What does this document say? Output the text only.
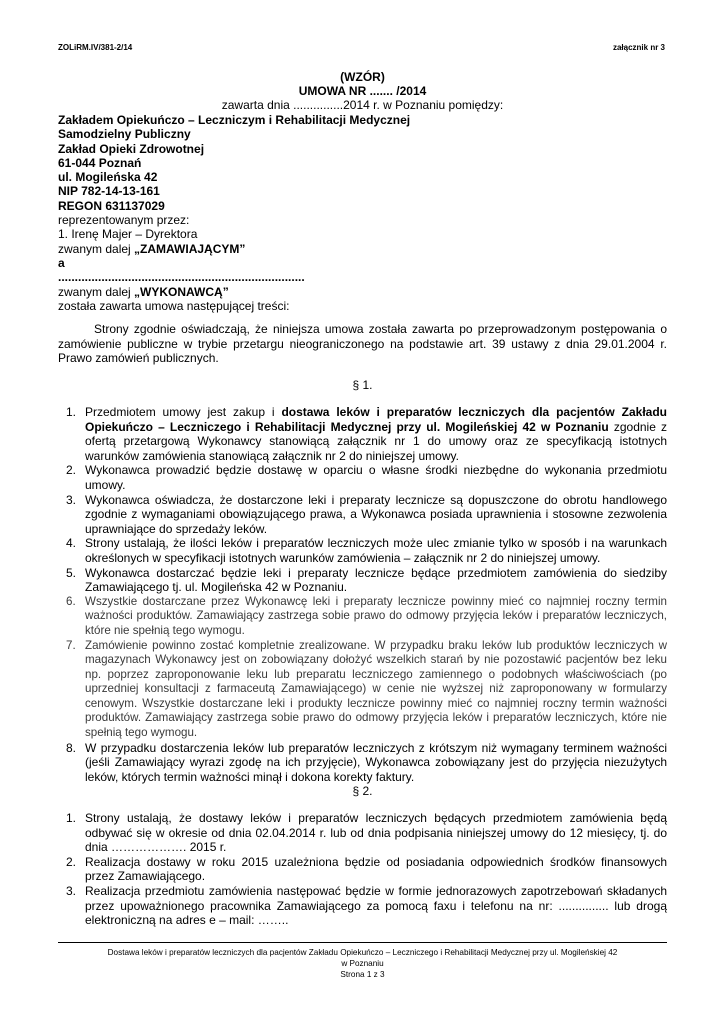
ZOLiRM.IV/381-2/14	załącznik nr 3
(WZÓR)
UMOWA NR ....... /2014
zawarta dnia ...............2014 r. w Poznaniu pomiędzy:
Zakładem Opiekuńczo – Leczniczym i Rehabilitacji Medycznej
Samodzielny Publiczny
Zakład Opieki Zdrowotnej
61-044 Poznań
ul. Mogileńska 42
NIP 782-14-13-161
REGON 631137029
reprezentowanym przez:
1. Irenę Majer – Dyrektora
zwanym dalej „ZAMAWIAJĄCYM”
a
..........................................................................
zwanym dalej „WYKONAWCĄ”
została zawarta umowa następującej treści:
Strony zgodnie oświadczają, że niniejsza umowa została zawarta po przeprowadzonym postępowania o zamówienie publiczne w trybie przetargu nieograniczonego na podstawie art. 39 ustawy z dnia 29.01.2004 r. Prawo zamówień publicznych.
§ 1.
1. Przedmiotem umowy jest zakup i dostawa leków i preparatów leczniczych dla pacjentów Zakładu Opiekuńczo – Leczniczego i Rehabilitacji Medycznej przy ul. Mogileńskiej 42 w Poznaniu zgodnie z ofertą przetargową Wykonawcy stanowiącą załącznik nr 1 do umowy oraz ze specyfikacją istotnych warunków zamówienia stanowiącą załącznik nr 2 do niniejszej umowy.
2. Wykonawca prowadzić będzie dostawę w oparciu o własne środki niezbędne do wykonania przedmiotu umowy.
3. Wykonawca oświadcza, że dostarczone leki i preparaty lecznicze są dopuszczone do obrotu handlowego zgodnie z wymaganiami obowiązującego prawa, a Wykonawca posiada uprawnienia i stosowne zezwolenia uprawniające do sprzedaży leków.
4. Strony ustalają, że ilości leków i preparatów leczniczych może ulec zmianie tylko w sposób i na warunkach określonych w specyfikacji istotnych warunków zamówienia – załącznik nr 2 do niniejszej umowy.
5. Wykonawca dostarczać będzie leki i preparaty lecznicze będące przedmiotem zamówienia do siedziby Zamawiającego tj. ul. Mogileńska 42 w Poznaniu.
6. Wszystkie dostarczane przez Wykonawcę leki i preparaty lecznicze powinny mieć co najmniej roczny termin ważności produktów. Zamawiający zastrzega sobie prawo do odmowy przyjęcia leków i preparatów leczniczych, które nie spełnią tego wymogu.
7. Zamówienie powinno zostać kompletnie zrealizowane. W przypadku braku leków lub produktów leczniczych w magazynach Wykonawcy jest on zobowiązany dołożyć wszelkich starań by nie pozostawić pacjentów bez leku np. poprzez zaproponowanie leku lub preparatu leczniczego zamiennego o podobnych właściwościach (po uprzedniej konsultacji z farmaceutą Zamawiającego) w cenie nie wyższej niż zaproponowany w formularzy cenowym. Wszystkie dostarczane leki i produkty lecznicze powinny mieć co najmniej roczny termin ważności produktów. Zamawiający zastrzega sobie prawo do odmowy przyjęcia leków i preparatów leczniczych, które nie spełnią tego wymogu.
8. W przypadku dostarczenia leków lub preparatów leczniczych z krótszym niż wymagany terminem ważności (jeśli Zamawiający wyrazi zgodę na ich przyjęcie), Wykonawca zobowiązany jest do przyjęcia niezużytych leków, których termin ważności minął i dokona korekty faktury.
§ 2.
1. Strony ustalają, że dostawy leków i preparatów leczniczych będących przedmiotem zamówienia będą odbywać się w okresie od dnia 02.04.2014 r. lub od dnia podpisania niniejszej umowy do 12 miesięcy, tj. do dnia ………………. 2015 r.
2. Realizacja dostawy w roku 2015 uzależniona będzie od posiadania odpowiednich środków finansowych przez Zamawiającego.
3. Realizacja przedmiotu zamówienia następować będzie w formie jednorazowych zapotrzebowań składanych przez upoważnionego pracownika Zamawiającego za pomocą faxu i telefonu na nr: ............... lub drogą elektroniczną na adres e – mail: ……..
Dostawa leków i preparatów leczniczych dla pacjentów Zakładu Opiekuńczo – Leczniczego i Rehabilitacji Medycznej przy ul. Mogileńskiej 42
w Poznaniu
Strona 1 z 3
